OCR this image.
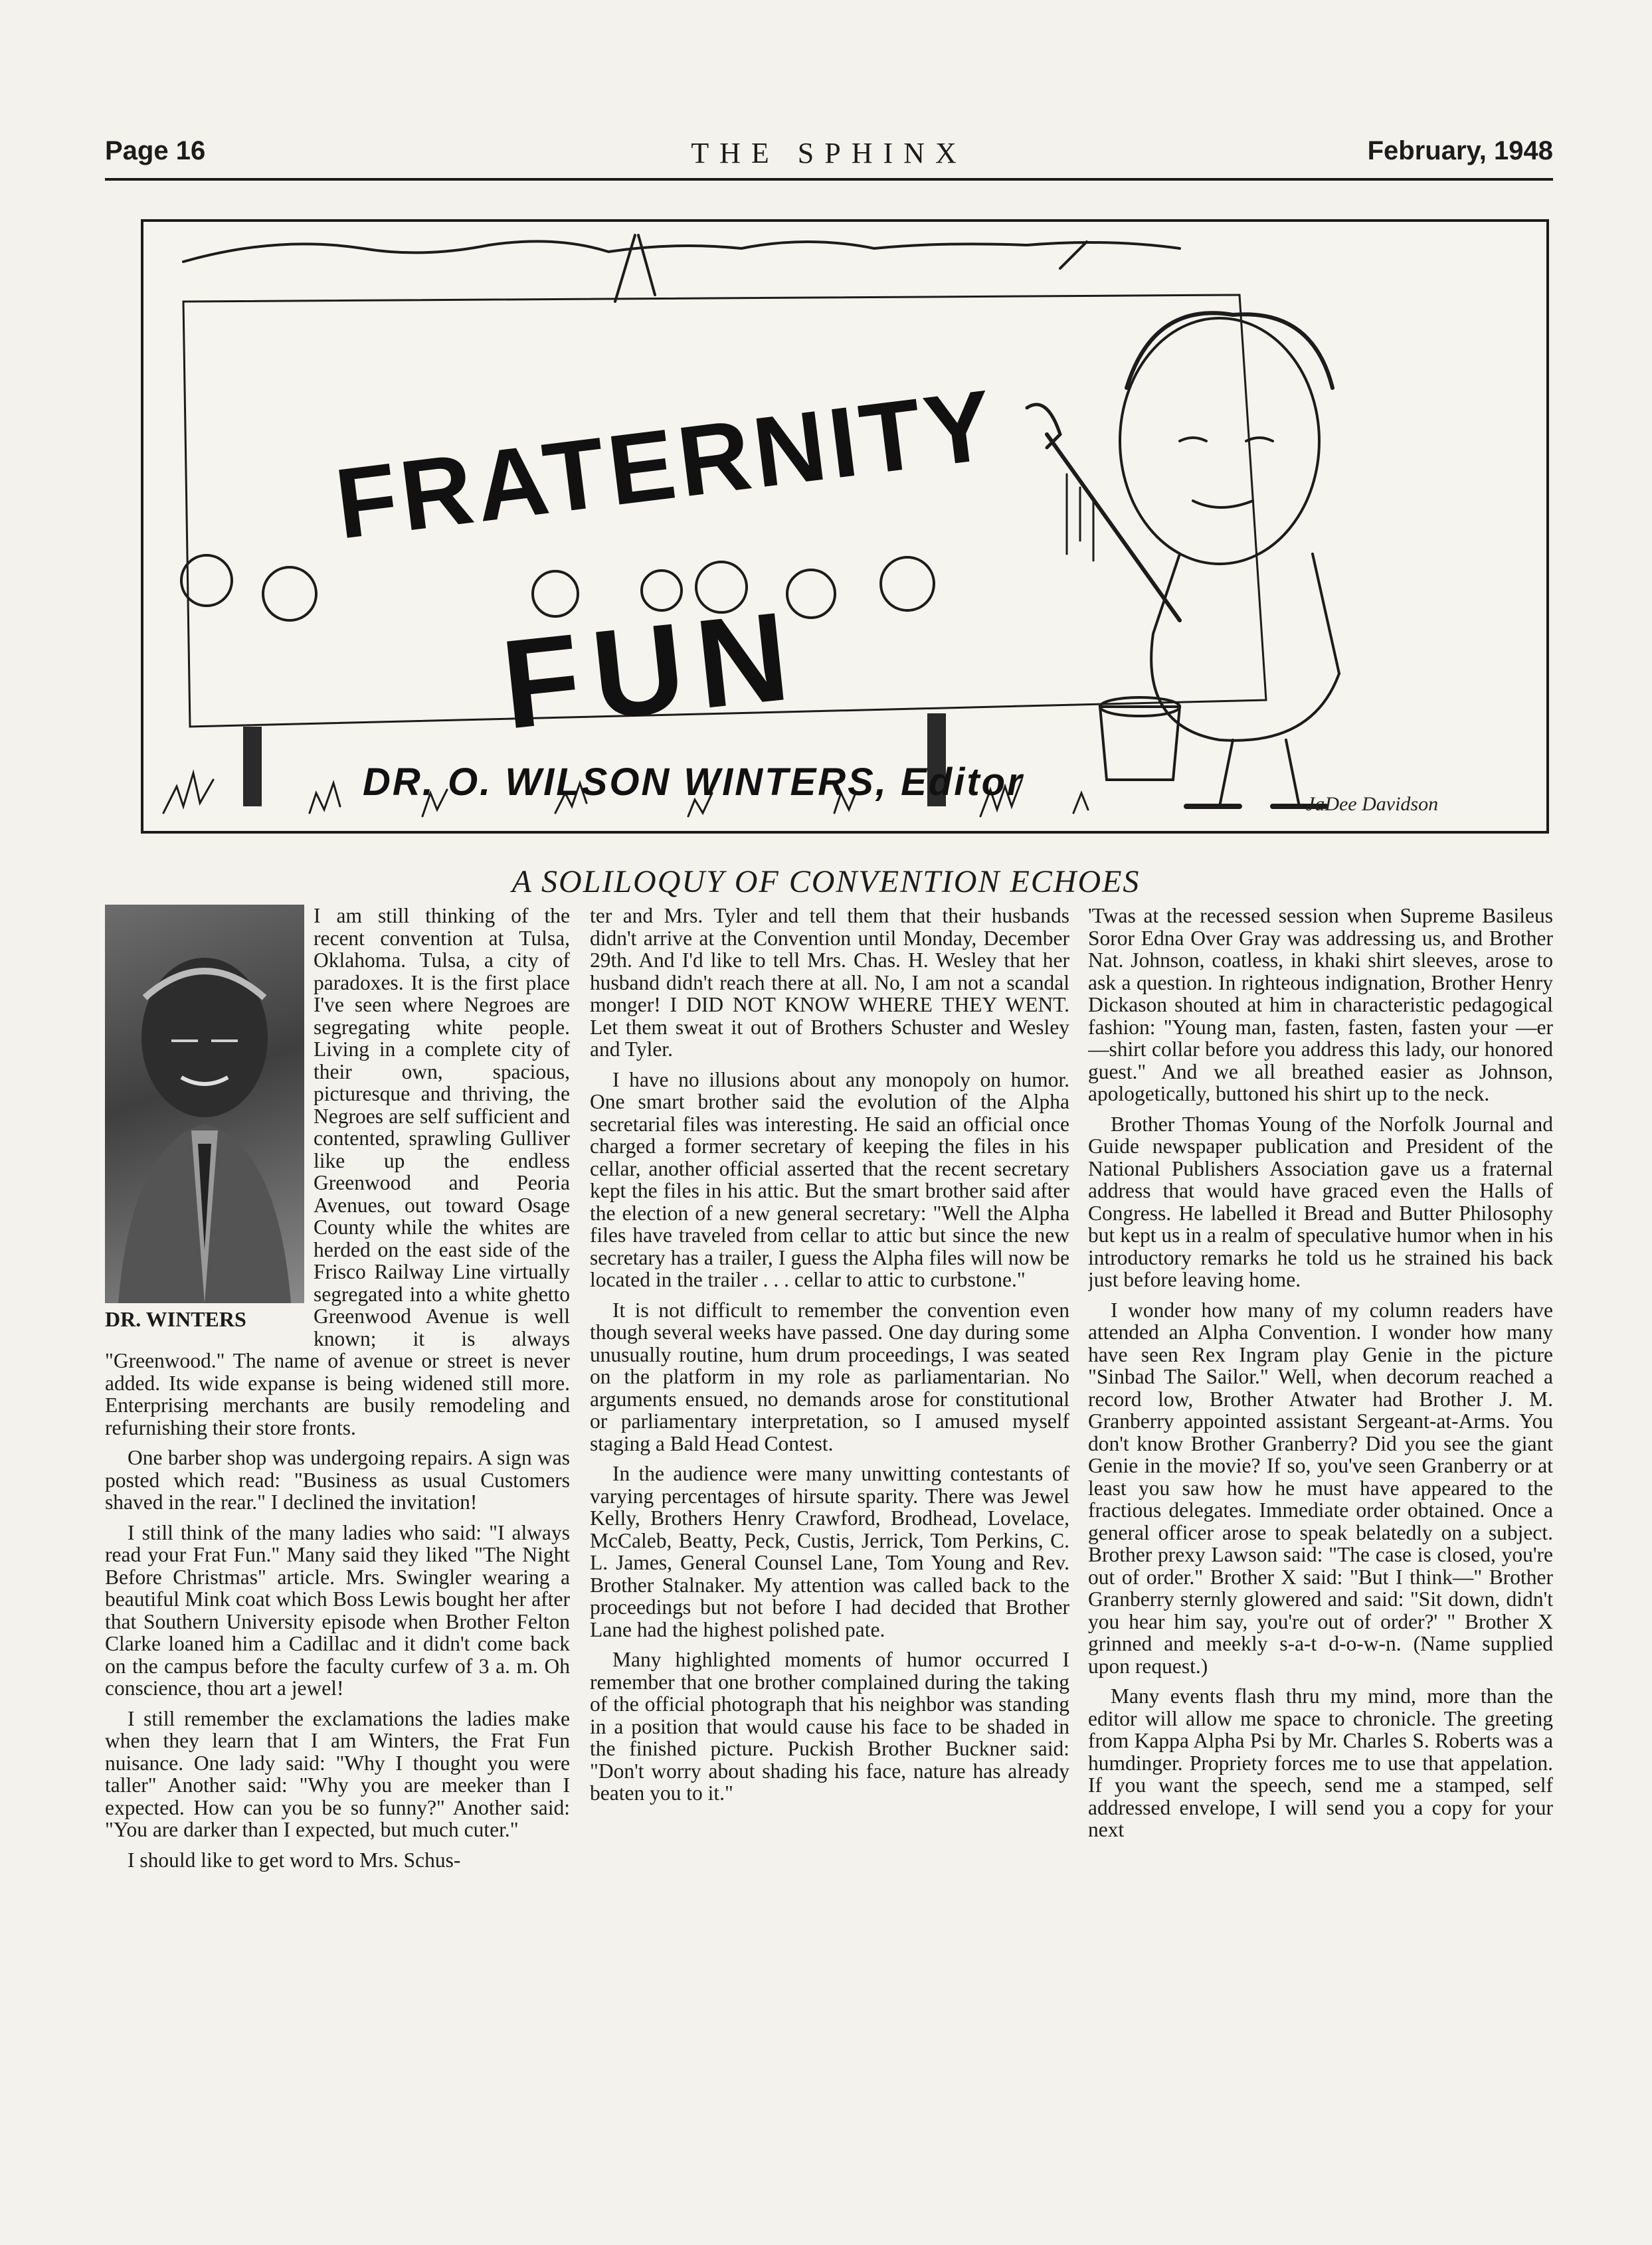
Page 16	THE SPHINX	February, 1948
FRATERNITY
FUN
DR. O. WILSON WINTERS, Editor
JaDee Davidson
A SOLILOQUY OF CONVENTION ECHOES
DR. WINTERS

I am still thinking of the recent convention at Tulsa, Oklahoma. Tulsa, a city of paradoxes. It is the first place I've seen where Negroes are segregating white people. Living in a complete city of their own, spacious, picturesque and thriving, the Negroes are self sufficient and contented, sprawling Gulliver like up the endless Greenwood and Peoria Avenues, out toward Osage County while the whites are herded on the east side of the Frisco Railway Line virtually segregated into a white ghetto Greenwood Avenue is well known; it is always "Greenwood." The name of avenue or street is never added. Its wide expanse is being widened still more. Enterprising merchants are busily remodeling and refurnishing their store fronts.

One barber shop was undergoing repairs. A sign was posted which read: "Business as usual Customers shaved in the rear." I declined the invitation!

I still think of the many ladies who said: "I always read your Frat Fun." Many said they liked "The Night Before Christmas" article. Mrs. Swingler wearing a beautiful Mink coat which Boss Lewis bought her after that Southern University episode when Brother Felton Clarke loaned him a Cadillac and it didn't come back on the campus before the faculty curfew of 3 a. m. Oh conscience, thou art a jewel!

I still remember the exclamations the ladies make when they learn that I am Winters, the Frat Fun nuisance. One lady said: "Why I thought you were taller" Another said: "Why you are meeker than I expected. How can you be so funny?" Another said: "You are darker than I expected, but much cuter."

I should like to get word to Mrs. Schus-

ter and Mrs. Tyler and tell them that their husbands didn't arrive at the Convention until Monday, December 29th. And I'd like to tell Mrs. Chas. H. Wesley that her husband didn't reach there at all. No, I am not a scandal monger! I DID NOT KNOW WHERE THEY WENT. Let them sweat it out of Brothers Schuster and Wesley and Tyler.

I have no illusions about any monopoly on humor. One smart brother said the evolution of the Alpha secretarial files was interesting. He said an official once charged a former secretary of keeping the files in his cellar, another official asserted that the recent secretary kept the files in his attic. But the smart brother said after the election of a new general secretary: "Well the Alpha files have traveled from cellar to attic but since the new secretary has a trailer, I guess the Alpha files will now be located in the trailer . . . cellar to attic to curbstone."

It is not difficult to remember the convention even though several weeks have passed. One day during some unusually routine, hum drum proceedings, I was seated on the platform in my role as parliamentarian. No arguments ensued, no demands arose for constitutional or parliamentary interpretation, so I amused myself staging a Bald Head Contest.

In the audience were many unwitting contestants of varying percentages of hirsute sparity. There was Jewel Kelly, Brothers Henry Crawford, Brodhead, Lovelace, McCaleb, Beatty, Peck, Custis, Jerrick, Tom Perkins, C. L. James, General Counsel Lane, Tom Young and Rev. Brother Stalnaker. My attention was called back to the proceedings but not before I had decided that Brother Lane had the highest polished pate.

Many highlighted moments of humor occurred I remember that one brother complained during the taking of the official photograph that his neighbor was standing in a position that would cause his face to be shaded in the finished picture. Puckish Brother Buckner said: "Don't worry about shading his face, nature has already beaten you to it."

'Twas at the recessed session when Supreme Basileus Soror Edna Over Gray was addressing us, and Brother Nat. Johnson, coatless, in khaki shirt sleeves, arose to ask a question. In righteous indignation, Brother Henry Dickason shouted at him in characteristic pedagogical fashion: "Young man, fasten, fasten, fasten your —er—shirt collar before you address this lady, our honored guest." And we all breathed easier as Johnson, apologetically, buttoned his shirt up to the neck.

Brother Thomas Young of the Norfolk Journal and Guide newspaper publication and President of the National Publishers Association gave us a fraternal address that would have graced even the Halls of Congress. He labelled it Bread and Butter Philosophy but kept us in a realm of speculative humor when in his introductory remarks he told us he strained his back just before leaving home.

I wonder how many of my column readers have attended an Alpha Convention. I wonder how many have seen Rex Ingram play Genie in the picture "Sinbad The Sailor." Well, when decorum reached a record low, Brother Atwater had Brother J. M. Granberry appointed assistant Sergeant-at-Arms. You don't know Brother Granberry? Did you see the giant Genie in the movie? If so, you've seen Granberry or at least you saw how he must have appeared to the fractious delegates. Immediate order obtained. Once a general officer arose to speak belatedly on a subject. Brother prexy Lawson said: "The case is closed, you're out of order." Brother X said: "But I think—" Brother Granberry sternly glowered and said: "Sit down, didn't you hear him say, you're out of order?' " Brother X grinned and meekly s-a-t d-o-w-n. (Name supplied upon request.)

Many events flash thru my mind, more than the editor will allow me space to chronicle. The greeting from Kappa Alpha Psi by Mr. Charles S. Roberts was a humdinger. Propriety forces me to use that appelation. If you want the speech, send me a stamped, self addressed envelope, I will send you a copy for your next
